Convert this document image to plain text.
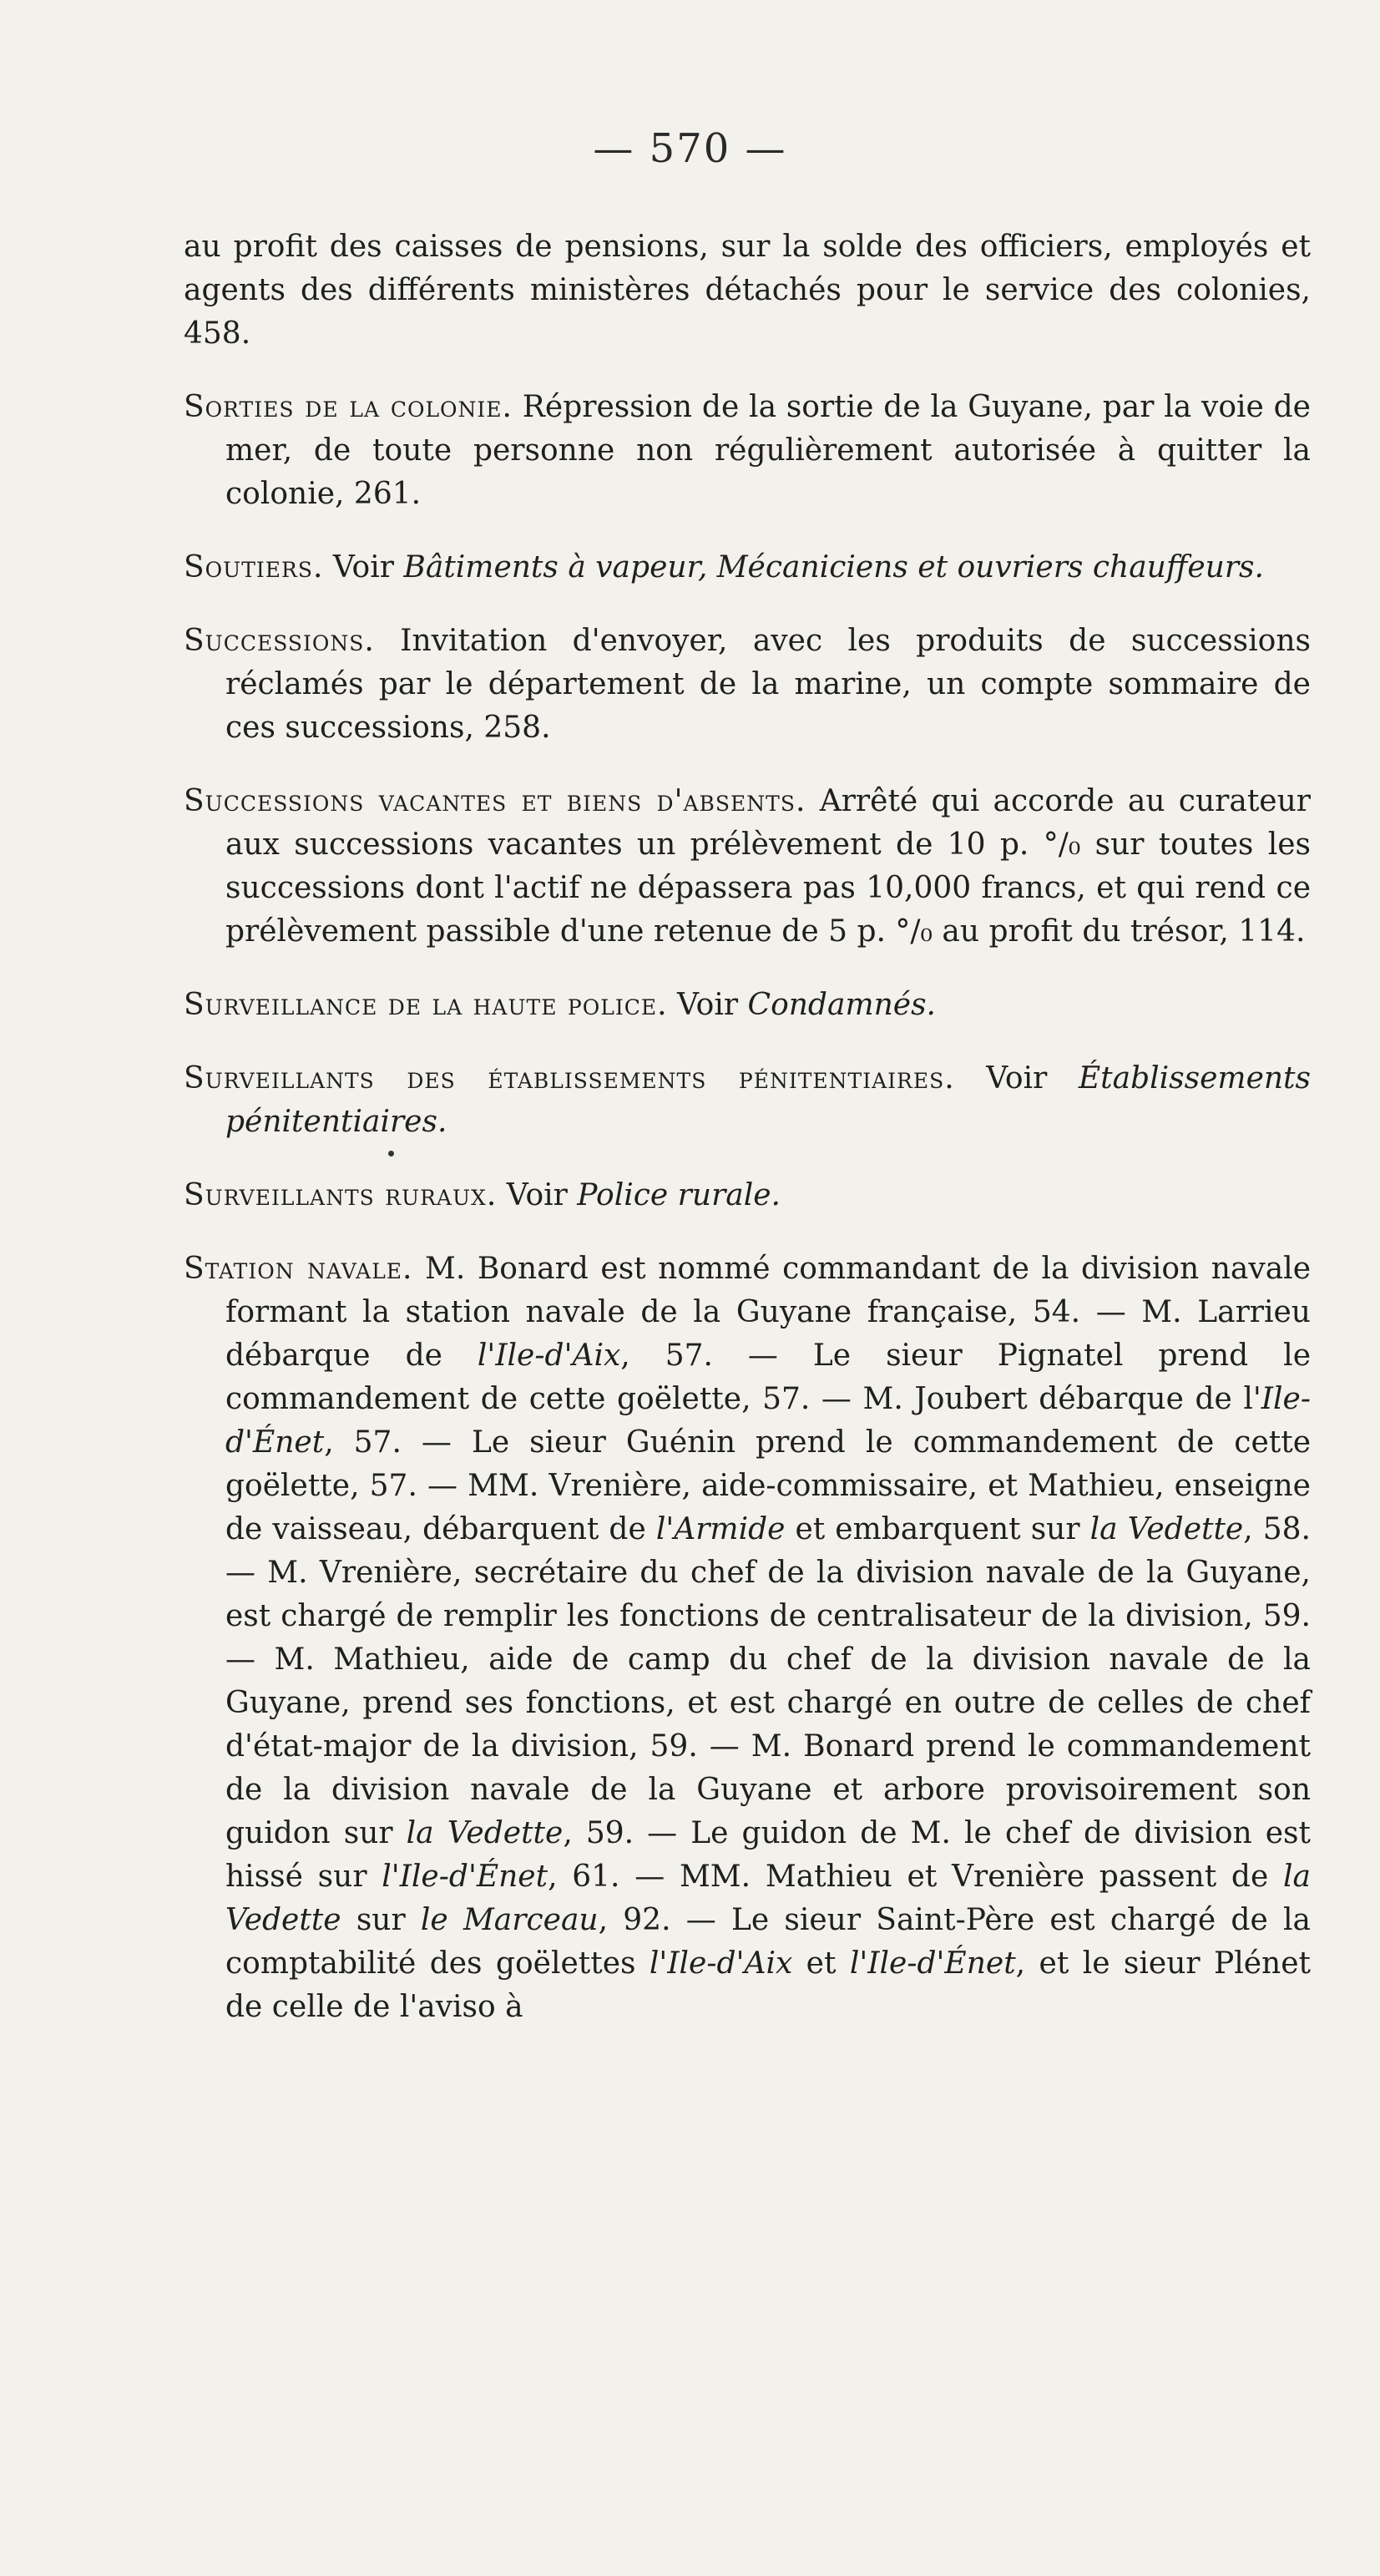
— 570 —

au profit des caisses de pensions, sur la solde des officiers, employés et agents des différents ministères détachés pour le service des colonies, 458.

Sorties de la colonie. Répression de la sortie de la Guyane, par la voie de mer, de toute personne non régulièrement autorisée à quitter la colonie, 261.

Soutiers. Voir Bâtiments à vapeur, Mécaniciens et ouvriers chauffeurs.

Successions. Invitation d'envoyer, avec les produits de successions réclamés par le département de la marine, un compte sommaire de ces successions, 258.

Successions vacantes et biens d'absents. Arrêté qui accorde au curateur aux successions vacantes un prélèvement de 10 p. °/₀ sur toutes les successions dont l'actif ne dépassera pas 10,000 francs, et qui rend ce prélèvement passible d'une retenue de 5 p. °/₀ au profit du trésor, 114.

Surveillance de la haute police. Voir Condamnés.

Surveillants des établissements pénitentiaires. Voir Établissements pénitentiaires.

Surveillants ruraux. Voir Police rurale.

Station navale. M. Bonard est nommé commandant de la division navale formant la station navale de la Guyane française, 54. — M. Larrieu débarque de l'Ile-d'Aix, 57. — Le sieur Pignatel prend le commandement de cette goëlette, 57. — M. Joubert débarque de l'Ile-d'Énet, 57. — Le sieur Guénin prend le commandement de cette goëlette, 57. — MM. Vrenière, aide-commissaire, et Mathieu, enseigne de vaisseau, débarquent de l'Armide et embarquent sur la Vedette, 58. — M. Vrenière, secrétaire du chef de la division navale de la Guyane, est chargé de remplir les fonctions de centralisateur de la division, 59. — M. Mathieu, aide de camp du chef de la division navale de la Guyane, prend ses fonctions, et est chargé en outre de celles de chef d'état-major de la division, 59. — M. Bonard prend le commandement de la division navale de la Guyane et arbore provisoirement son guidon sur la Vedette, 59. — Le guidon de M. le chef de division est hissé sur l'Ile-d'Énet, 61. — MM. Mathieu et Vrenière passent de la Vedette sur le Marceau, 92. — Le sieur Saint-Père est chargé de la comptabilité des goëlettes l'Ile-d'Aix et l'Ile-d'Énet, et le sieur Plénet de celle de l'aviso à
